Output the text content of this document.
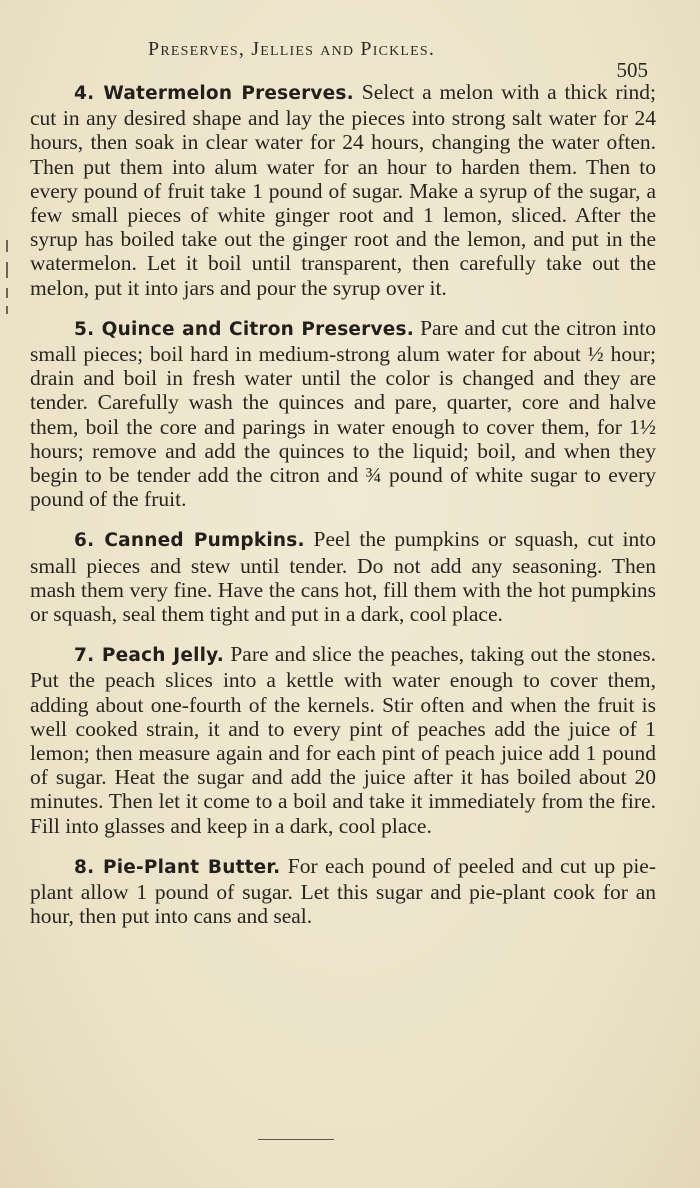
Preserves, Jellies and Pickles.
505

4. Watermelon Preserves. Select a melon with a thick rind; cut in any desired shape and lay the pieces into strong salt water for 24 hours, then soak in clear water for 24 hours, changing the water often. Then put them into alum water for an hour to harden them. Then to every pound of fruit take 1 pound of sugar. Make a syrup of the sugar, a few small pieces of white ginger root and 1 lemon, sliced. After the syrup has boiled take out the ginger root and the lemon, and put in the watermelon. Let it boil until transparent, then carefully take out the melon, put it into jars and pour the syrup over it.

5. Quince and Citron Preserves. Pare and cut the citron into small pieces; boil hard in medium-strong alum water for about ½ hour; drain and boil in fresh water until the color is changed and they are tender. Carefully wash the quinces and pare, quarter, core and halve them, boil the core and parings in water enough to cover them, for 1½ hours; remove and add the quinces to the liquid; boil, and when they begin to be tender add the citron and ¾ pound of white sugar to every pound of the fruit.

6. Canned Pumpkins. Peel the pumpkins or squash, cut into small pieces and stew until tender. Do not add any seasoning. Then mash them very fine. Have the cans hot, fill them with the hot pumpkins or squash, seal them tight and put in a dark, cool place.

7. Peach Jelly. Pare and slice the peaches, taking out the stones. Put the peach slices into a kettle with water enough to cover them, adding about one-fourth of the kernels. Stir often and when the fruit is well cooked strain, it and to every pint of peaches add the juice of 1 lemon; then measure again and for each pint of peach juice add 1 pound of sugar. Heat the sugar and add the juice after it has boiled about 20 minutes. Then let it come to a boil and take it immediately from the fire. Fill into glasses and keep in a dark, cool place.

8. Pie-Plant Butter. For each pound of peeled and cut up pie-plant allow 1 pound of sugar. Let this sugar and pie-plant cook for an hour, then put into cans and seal.
